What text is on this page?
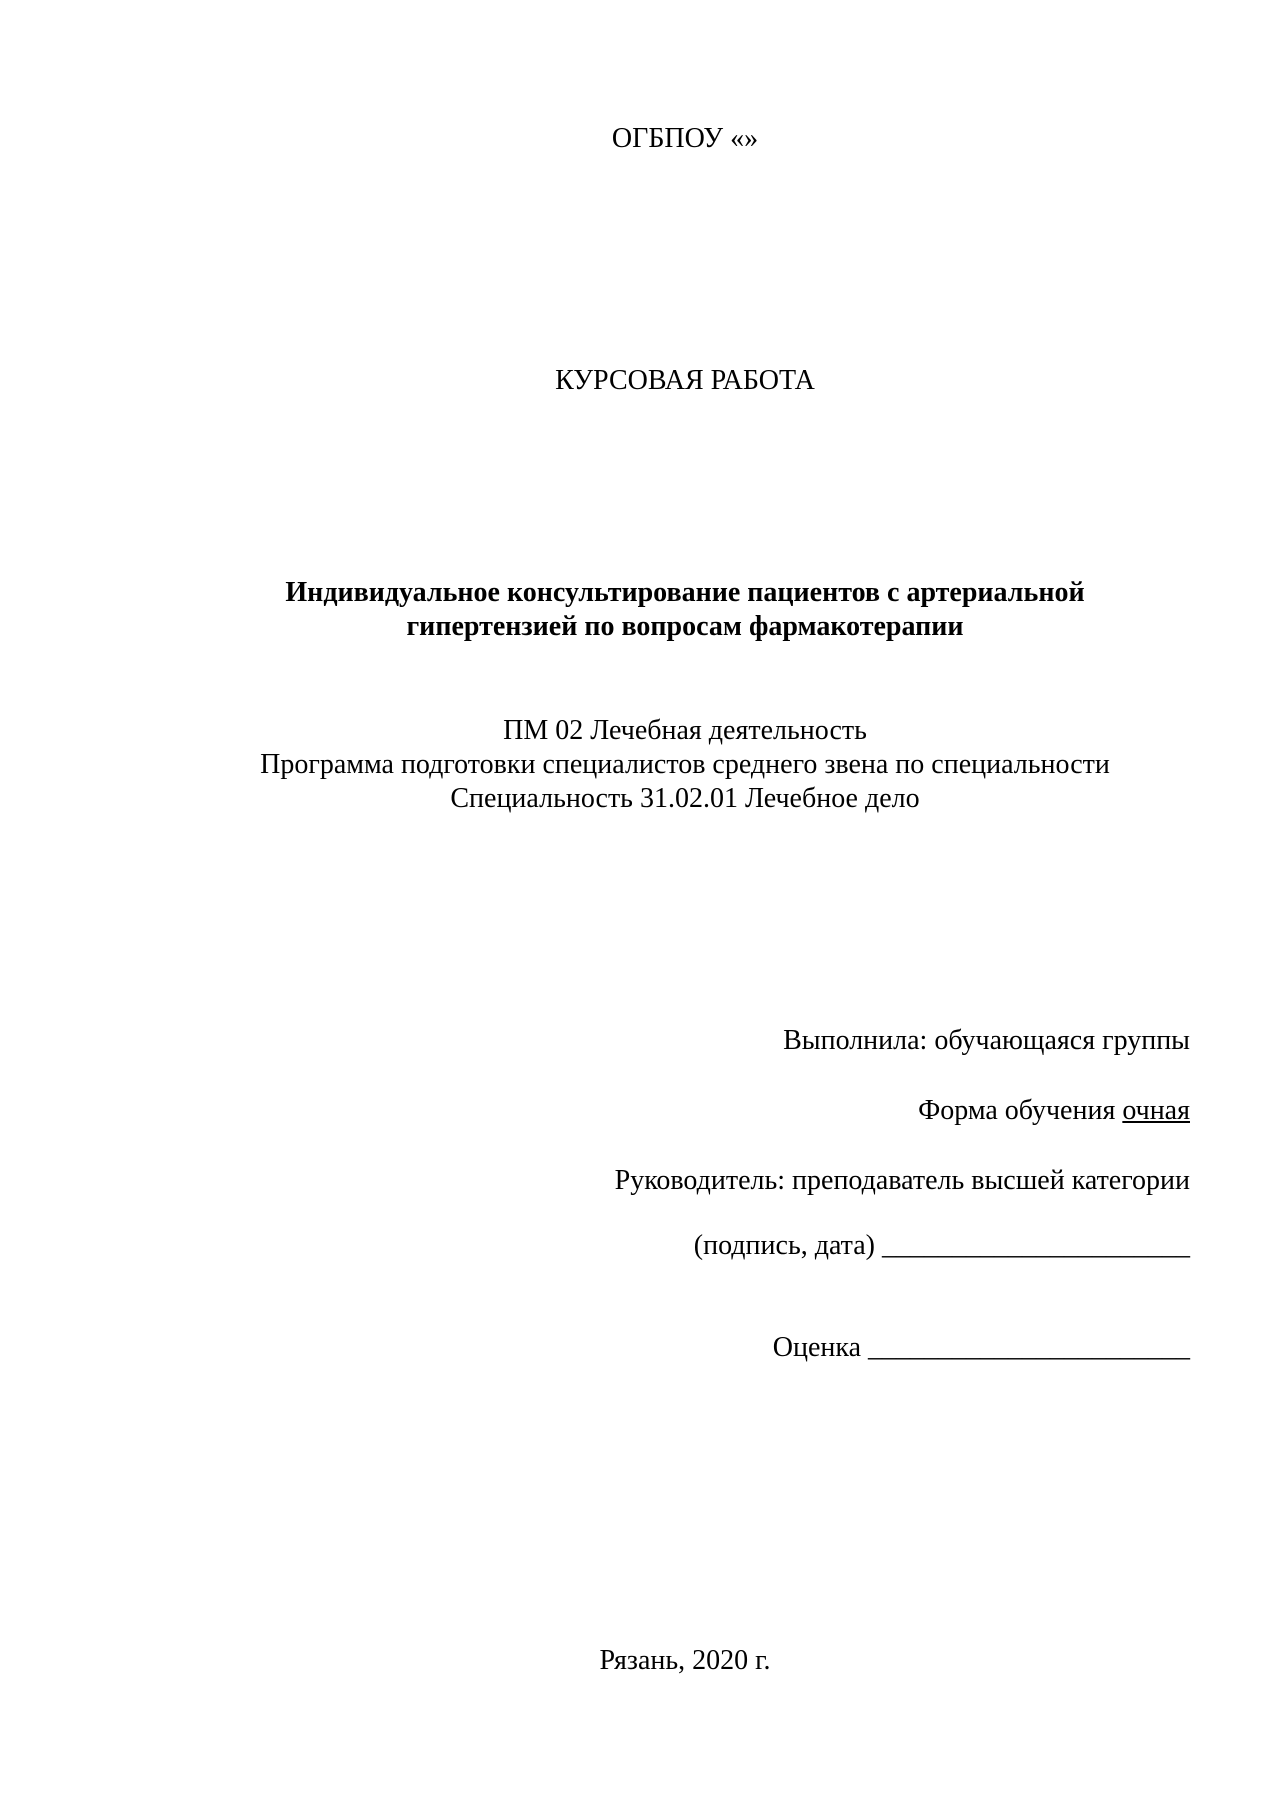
ОГБПОУ «»
КУРСОВАЯ РАБОТА
Индивидуальное консультирование пациентов с артериальной
гипертензией по вопросам фармакотерапии
ПМ 02 Лечебная деятельность
Программа подготовки специалистов среднего звена по специальности
Специальность 31.02.01 Лечебное дело
Выполнила: обучающаяся группы
Форма обучения очная
Руководитель: преподаватель высшей категории
(подпись, дата) ______________________
Оценка _______________________
Рязань, 2020 г.
